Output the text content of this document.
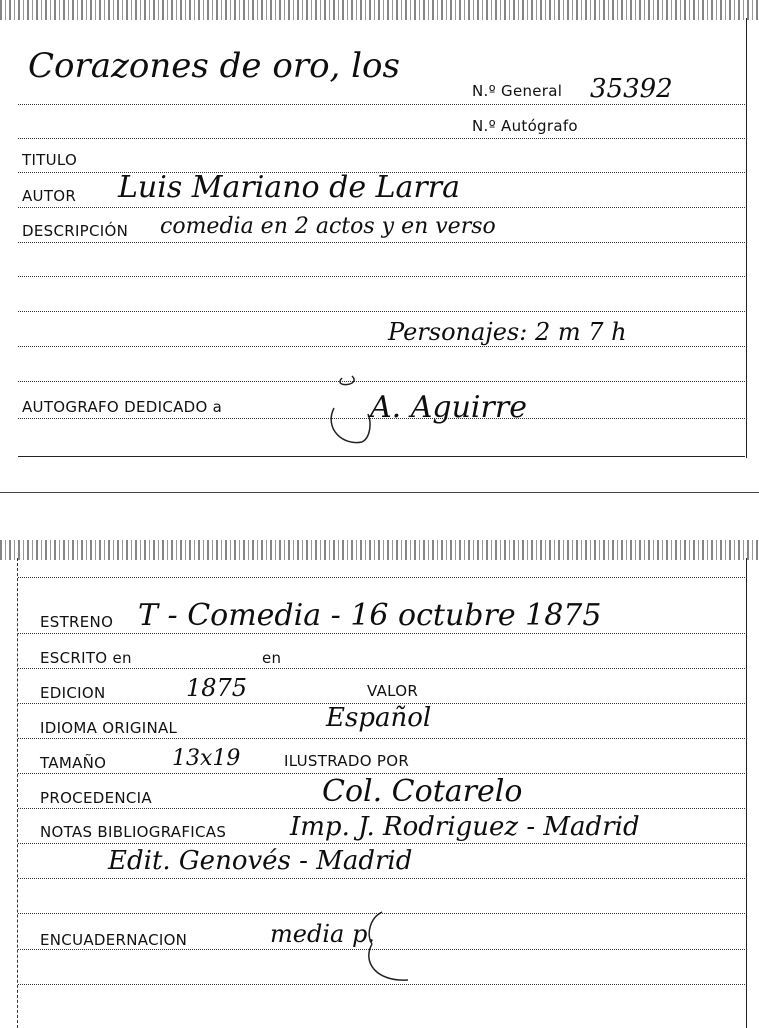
Corazones de oro, los
N.º General 35392
N.º Autógrafo
TITULO
AUTOR Luis Mariano de Larra
DESCRIPCIÓN comedia en 2 actos y en verso
Personajes: 2 m 7 h
AUTOGRAFO DEDICADO a	A. Aguirre
ESTRENO T - Comedia - 16 octubre 1875
ESCRITO en	en
EDICION	1875	VALOR
IDIOMA ORIGINAL	Español
TAMAÑO	13x19	ILUSTRADO POR
PROCEDENCIA	Col. Cotarelo
NOTAS BIBLIOGRAFICAS Imp. J. Rodriguez - Madrid
Edit. Genovés - Madrid
ENCUADERNACION	media p.
